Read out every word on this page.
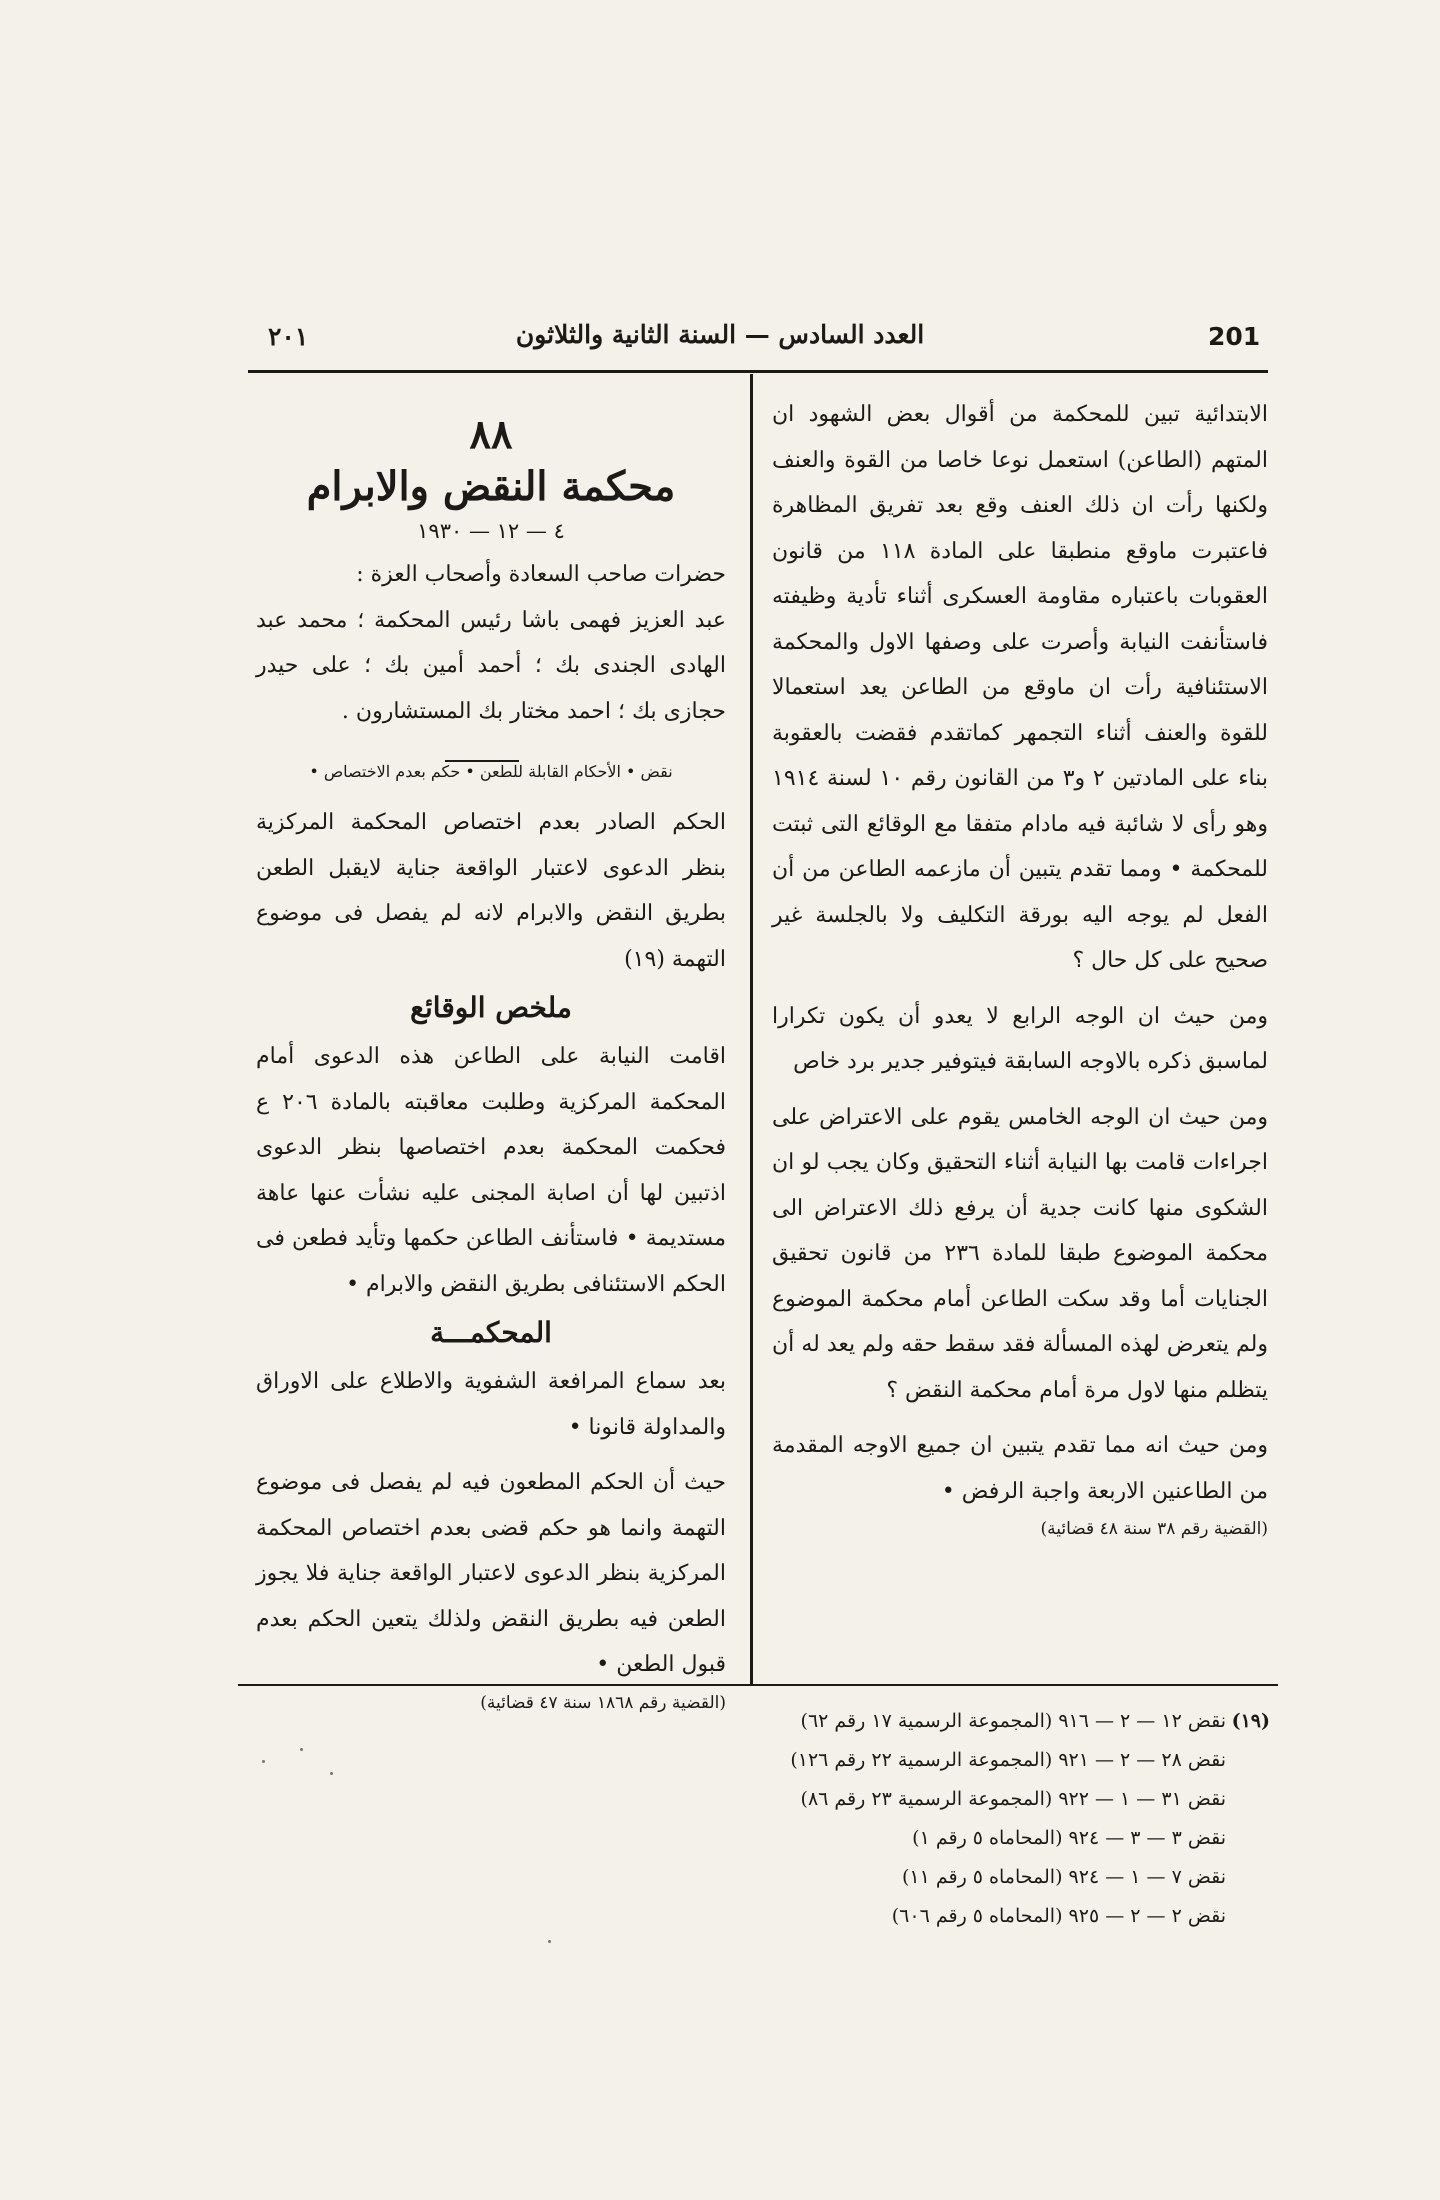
201
العدد السادس — السنة الثانية والثلاثون
٢٠١

الابتدائية تبين للمحكمة من أقوال بعض الشهود ان المتهم (الطاعن) استعمل نوعا خاصا من القوة والعنف ولكنها رأت ان ذلك العنف وقع بعد تفريق المظاهرة فاعتبرت ماوقع منطبقا على المادة ١١٨ من قانون العقوبات باعتباره مقاومة العسكرى أثناء تأدية وظيفته فاستأنفت النيابة وأصرت على وصفها الاول والمحكمة الاستئنافية رأت ان ماوقع من الطاعن يعد استعمالا للقوة والعنف أثناء التجمهر كماتقدم فقضت بالعقوبة بناء على المادتين ٢ و٣ من القانون رقم ١٠ لسنة ١٩١٤ وهو رأى لا شائبة فيه مادام متفقا مع الوقائع التى ثبتت للمحكمة • ومما تقدم يتبين أن مازعمه الطاعن من أن الفعل لم يوجه اليه بورقة التكليف ولا بالجلسة غير صحيح على كل حال ؟

ومن حيث ان الوجه الرابع لا يعدو أن يكون تكرارا لماسبق ذكره بالاوجه السابقة فيتوفير جدير برد خاص

ومن حيث ان الوجه الخامس يقوم على الاعتراض على اجراءات قامت بها النيابة أثناء التحقيق وكان يجب لو ان الشكوى منها كانت جدية أن يرفع ذلك الاعتراض الى محكمة الموضوع طبقا للمادة ٢٣٦ من قانون تحقيق الجنايات أما وقد سكت الطاعن أمام محكمة الموضوع ولم يتعرض لهذه المسألة فقد سقط حقه ولم يعد له أن يتظلم منها لاول مرة أمام محكمة النقض ؟

ومن حيث انه مما تقدم يتبين ان جميع الاوجه المقدمة من الطاعنين الاربعة واجبة الرفض •

(القضية رقم ٣٨ سنة ٤٨ قضائية)

٨٨
محكمة النقض والابرام
٤ — ١٢ — ١٩٣٠

حضرات صاحب السعادة وأصحاب العزة :

عبد العزيز فهمى باشا رئيس المحكمة ؛ محمد عبد الهادى الجندى بك ؛ أحمد أمين بك ؛ على حيدر حجازى بك ؛ احمد مختار بك المستشارون .

نقض • الأحكام القابلة للطعن • حكم بعدم الاختصاص •

الحكم الصادر بعدم اختصاص المحكمة المركزية بنظر الدعوى لاعتبار الواقعة جناية لايقبل الطعن بطريق النقض والابرام لانه لم يفصل فى موضوع التهمة (١٩)

ملخص الوقائع

اقامت النيابة على الطاعن هذه الدعوى أمام المحكمة المركزية وطلبت معاقبته بالمادة ٢٠٦ ع فحكمت المحكمة بعدم اختصاصها بنظر الدعوى اذتبين لها أن اصابة المجنى عليه نشأت عنها عاهة مستديمة • فاستأنف الطاعن حكمها وتأيد فطعن فى الحكم الاستئنافى بطريق النقض والابرام •

المحكمـــة

بعد سماع المرافعة الشفوية والاطلاع على الاوراق والمداولة قانونا •

حيث أن الحكم المطعون فيه لم يفصل فى موضوع التهمة وانما هو حكم قضى بعدم اختصاص المحكمة المركزية بنظر الدعوى لاعتبار الواقعة جناية فلا يجوز الطعن فيه بطريق النقض ولذلك يتعين الحكم بعدم قبول الطعن •

(القضية رقم ١٨٦٨ سنة ٤٧ قضائية)

(١٩)
نقض ١٢ — ٢ — ٩١٦ (المجموعة الرسمية ١٧ رقم ٦٢)
نقض ٢٨ — ٢ — ٩٢١ (المجموعة الرسمية ٢٢ رقم ١٢٦)
نقض ٣١ — ١ — ٩٢٢ (المجموعة الرسمية ٢٣ رقم ٨٦)
نقض ٣ — ٣ — ٩٢٤ (المحاماه ٥ رقم ١)
نقض ٧ — ١ — ٩٢٤ (المحاماه ٥ رقم ١١)
نقض ٢ — ٢ — ٩٢٥ (المحاماه ٥ رقم ٦٠٦)
